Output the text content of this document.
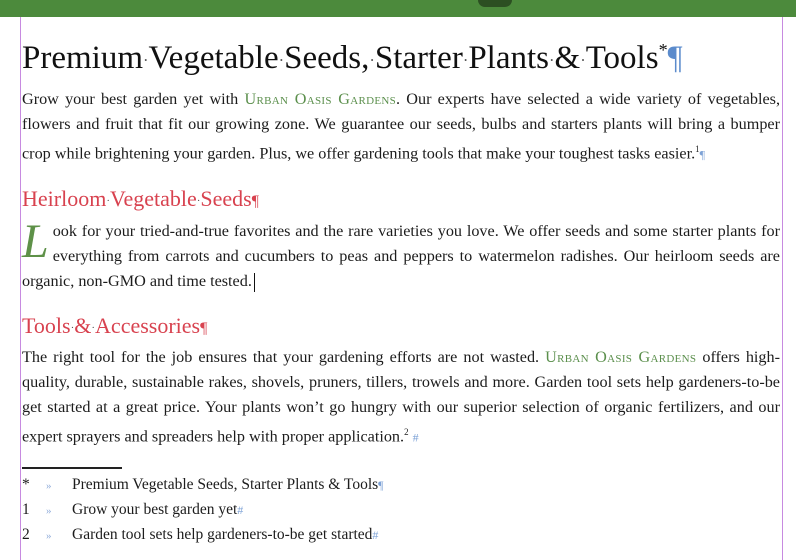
Premium·Vegetable·Seeds,·Starter·Plants·&·Tools*¶

Grow your best garden yet with Urban Oasis Gardens. Our experts have selected a wide variety of vegetables, flowers and fruit that fit our growing zone. We guarantee our seeds, bulbs and starters plants will bring a bumper crop while brightening your garden. Plus, we offer gardening tools that make your toughest tasks easier.$^1$¶

Heirloom·Vegetable·Seeds¶

Look for your tried-and-true favorites and the rare varieties you love. We offer seeds and some starter plants for everything from carrots and cucumbers to peas and peppers to watermelon radishes. Our heirloom seeds are organic, non-GMO and time tested.

Tools·&·Accessories¶

The right tool for the job ensures that your gardening efforts are not wasted. Urban Oasis Gardens offers high-quality, durable, sustainable rakes, shovels, pruners, tillers, trowels and more. Garden tool sets help gardeners-to-be get started at a great price. Your plants won’t go hungry with our superior selection of organic fertilizers, and our expert sprayers and spreaders help with proper application.$^2$ #

*	»	Premium Vegetable Seeds, Starter Plants & Tools ¶
1	»	Grow your best garden yet #
2	»	Garden tool sets help gardeners-to-be get started #
